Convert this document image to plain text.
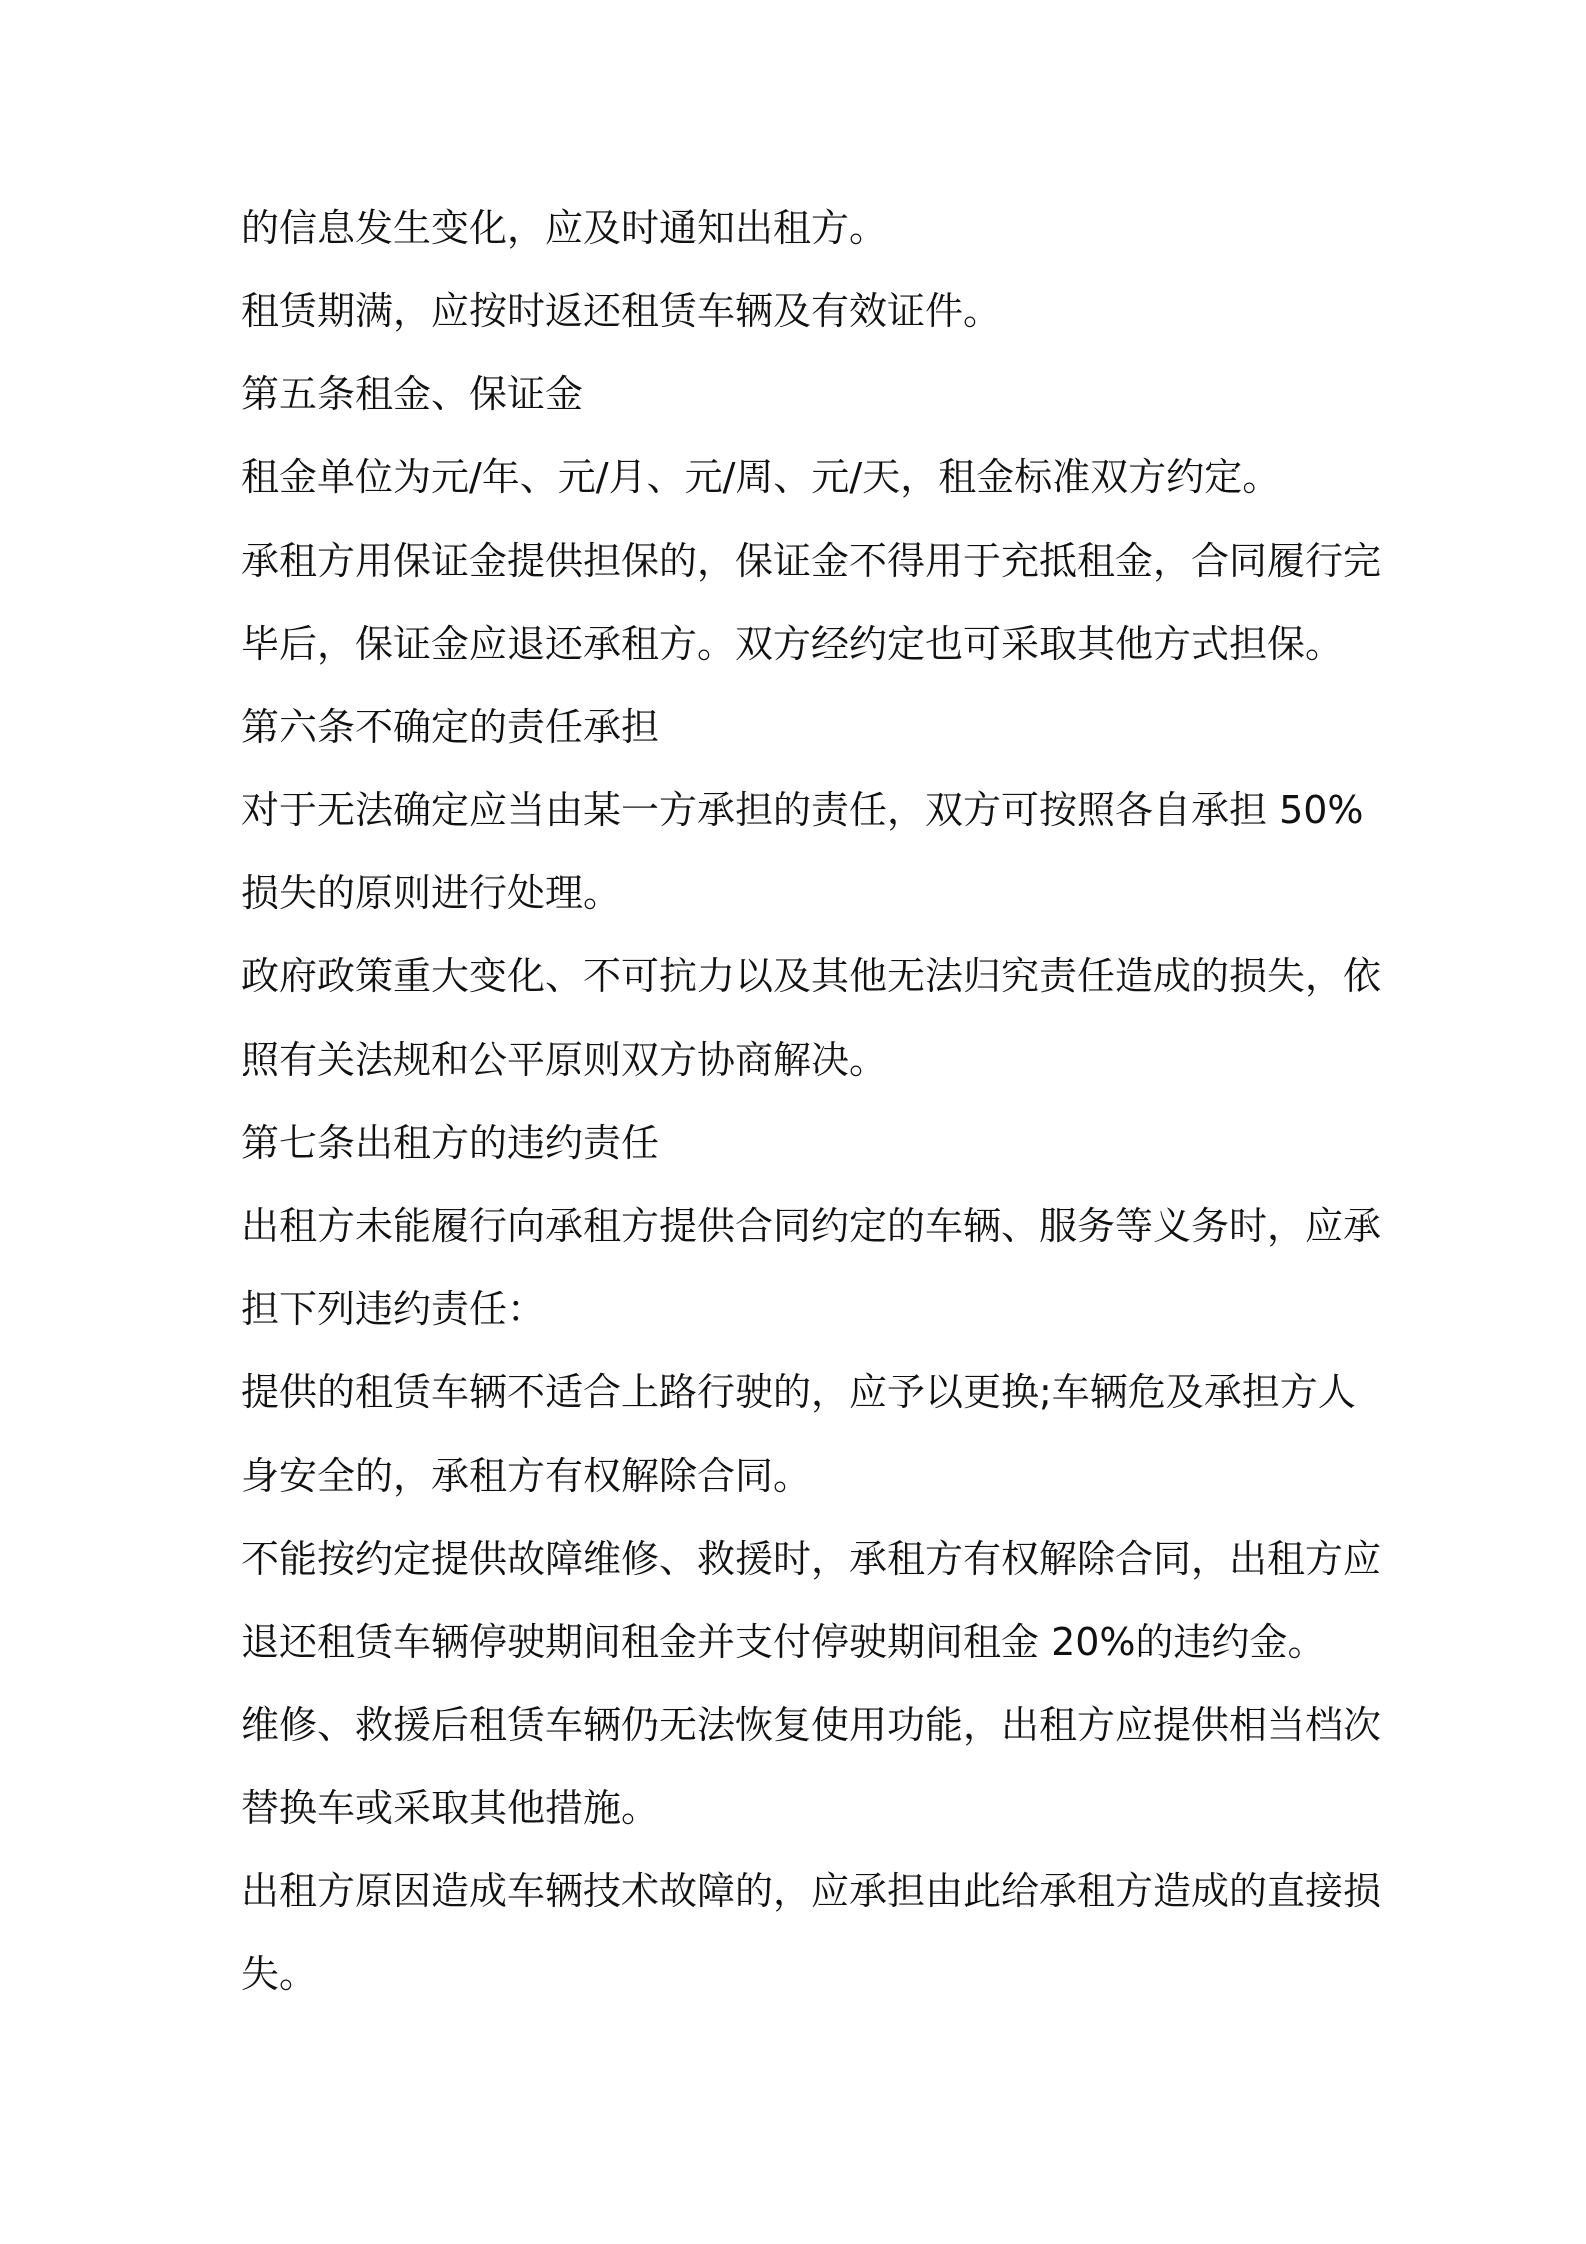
的信息发生变化，应及时通知出租方。
租赁期满，应按时返还租赁车辆及有效证件。
第五条租金、保证金
租金单位为元/年、元/月、元/周、元/天，租金标准双方约定。
承租方用保证金提供担保的，保证金不得用于充抵租金，合同履行完
毕后，保证金应退还承租方。双方经约定也可采取其他方式担保。
第六条不确定的责任承担
对于无法确定应当由某一方承担的责任，双方可按照各自承担 50%
损失的原则进行处理。
政府政策重大变化、不可抗力以及其他无法归究责任造成的损失，依
照有关法规和公平原则双方协商解决。
第七条出租方的违约责任
出租方未能履行向承租方提供合同约定的车辆、服务等义务时，应承
担下列违约责任：
提供的租赁车辆不适合上路行驶的，应予以更换;车辆危及承担方人
身安全的，承租方有权解除合同。
不能按约定提供故障维修、救援时，承租方有权解除合同，出租方应
退还租赁车辆停驶期间租金并支付停驶期间租金 20%的违约金。
维修、救援后租赁车辆仍无法恢复使用功能，出租方应提供相当档次
替换车或采取其他措施。
出租方原因造成车辆技术故障的，应承担由此给承租方造成的直接损
失。
